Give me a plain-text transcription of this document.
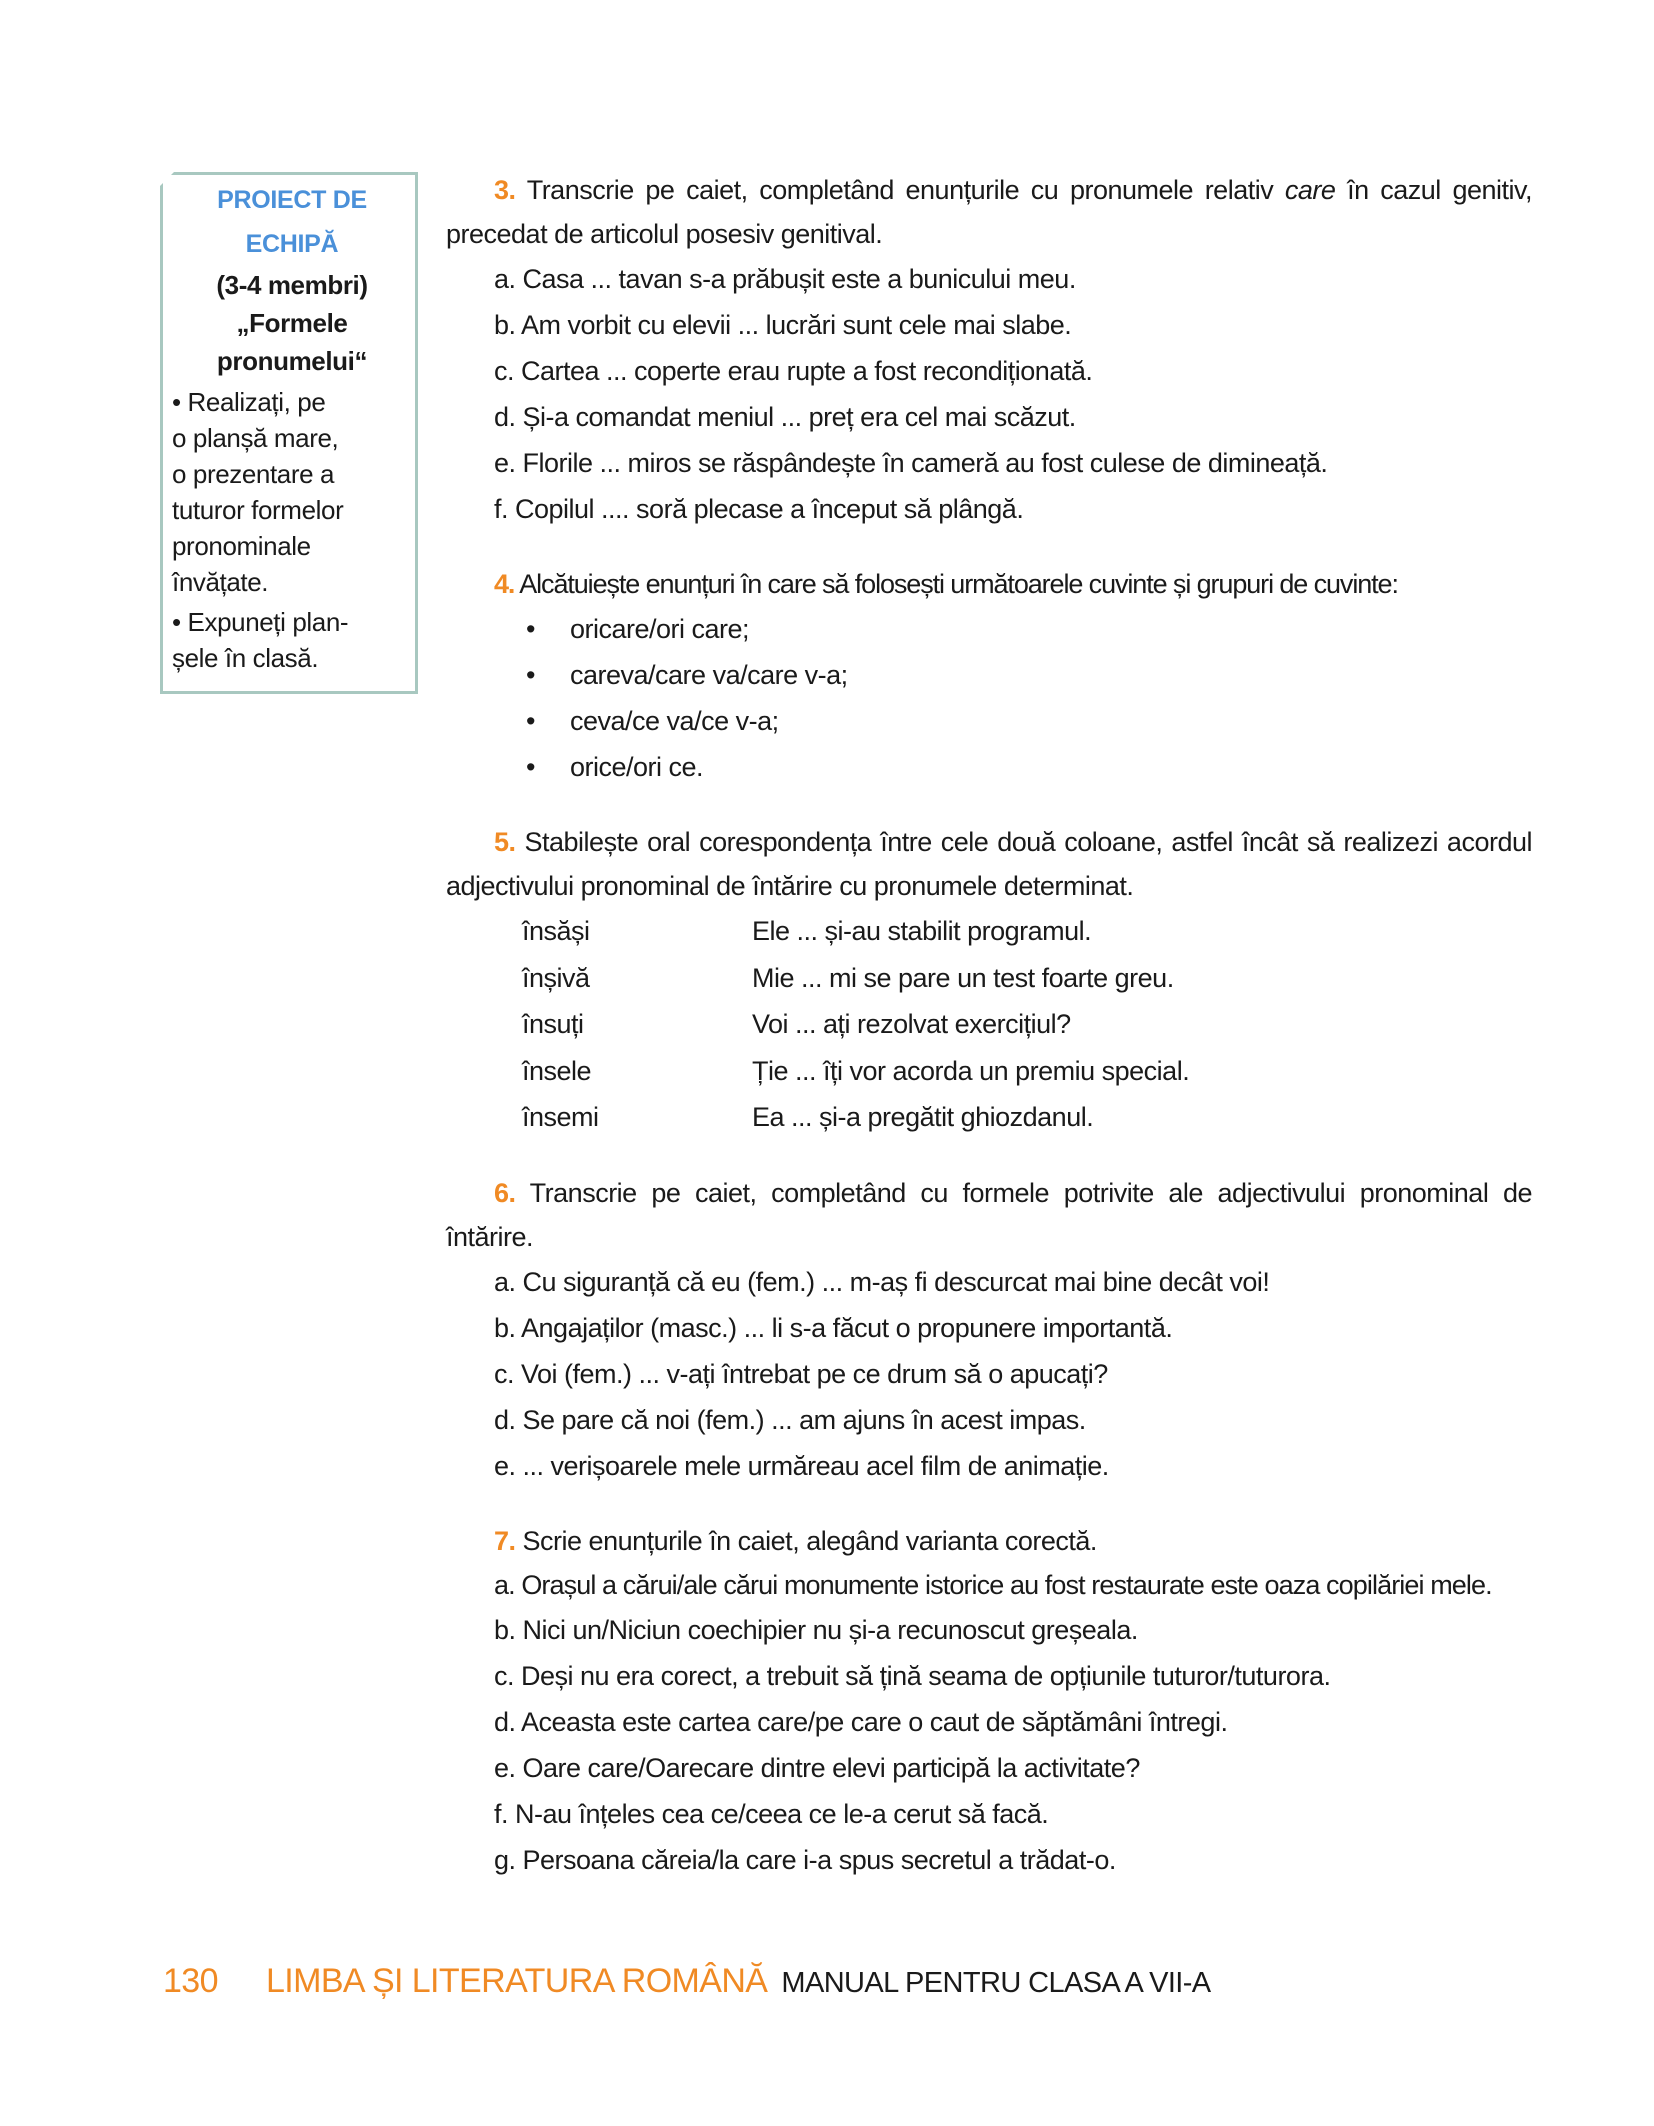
PROIECT DE
ECHIPĂ
(3-4 membri)
„Formele
pronumelui“
• Realizați, pe
o planșă mare,
o prezentare a
tuturor formelor
pronominale
învățate.
• Expuneți plan-
șele în clasă.
3. Transcrie pe caiet, completând enunțurile cu pronumele relativ care în cazul genitiv, precedat de articolul posesiv genitival.
a. Casa ... tavan s-a prăbușit este a bunicului meu.
b. Am vorbit cu elevii ... lucrări sunt cele mai slabe.
c. Cartea ... coperte erau rupte a fost recondiționată.
d. Și-a comandat meniul ... preț era cel mai scăzut.
e. Florile ... miros se răspândește în cameră au fost culese de dimineață.
f. Copilul .... soră plecase a început să plângă.
4. Alcătuiește enunțuri în care să folosești următoarele cuvinte și grupuri de cuvinte:
• oricare/ori care;
• careva/care va/care v-a;
• ceva/ce va/ce v-a;
• orice/ori ce.
5. Stabilește oral corespondența între cele două coloane, astfel încât să realizezi acordul adjectivului pronominal de întărire cu pronumele determinat.
însăși	Ele ... și-au stabilit programul.
înșivă	Mie ... mi se pare un test foarte greu.
însuți	Voi ... ați rezolvat exercițiul?
însele	Ție ... îți vor acorda un premiu special.
însemi	Ea ... și-a pregătit ghiozdanul.
6. Transcrie pe caiet, completând cu formele potrivite ale adjectivului pronominal de întărire.
a. Cu siguranță că eu (fem.) ... m-aș fi descurcat mai bine decât voi!
b. Angajaților (masc.) ... li s-a făcut o propunere importantă.
c. Voi (fem.) ... v-ați întrebat pe ce drum să o apucați?
d. Se pare că noi (fem.) ... am ajuns în acest impas.
e. ... verișoarele mele urmăreau acel film de animație.
7. Scrie enunțurile în caiet, alegând varianta corectă.
a. Orașul a cărui/ale cărui monumente istorice au fost restaurate este oaza copilăriei mele.
b. Nici un/Niciun coechipier nu și-a recunoscut greșeala.
c. Deși nu era corect, a trebuit să țină seama de opțiunile tuturor/tuturora.
d. Aceasta este cartea care/pe care o caut de săptămâni întregi.
e. Oare care/Oarecare dintre elevi participă la activitate?
f. N-au înțeles cea ce/ceea ce le-a cerut să facă.
g. Persoana căreia/la care i-a spus secretul a trădat-o.
130 LIMBA ȘI LITERATURA ROMÂNĂ MANUAL PENTRU CLASA A VII-A
